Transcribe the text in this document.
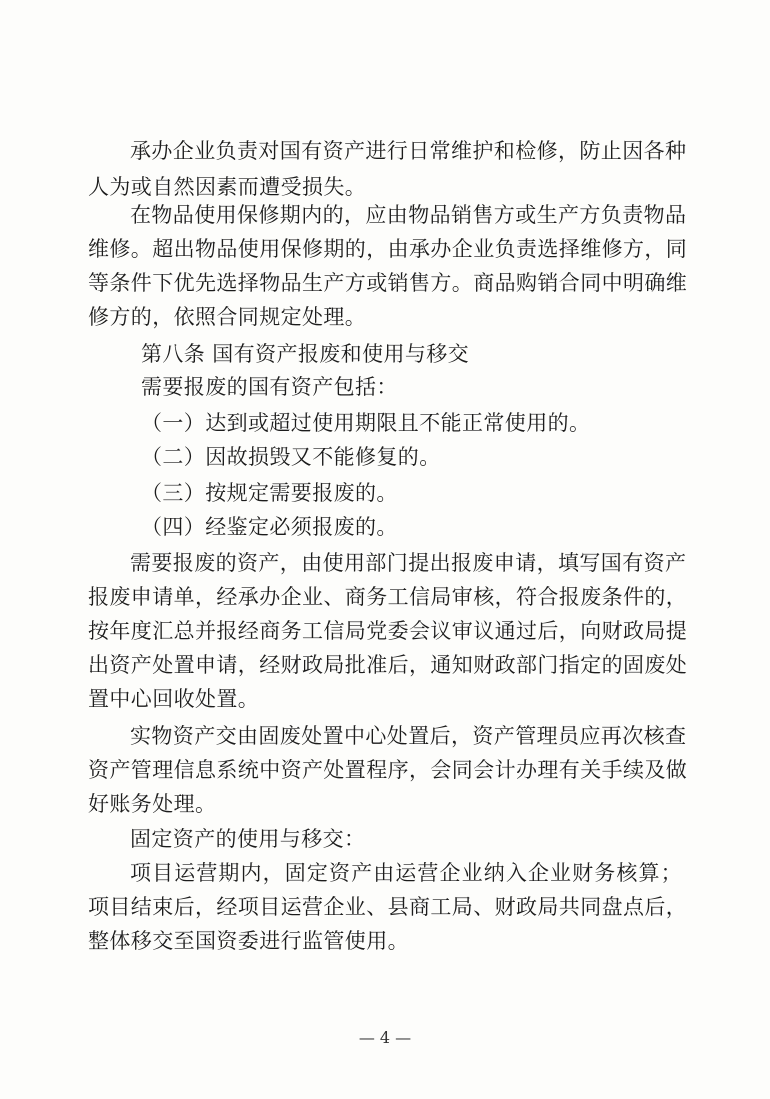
承办企业负责对国有资产进行日常维护和检修，防止因各种
人为或自然因素而遭受损失。
在物品使用保修期内的，应由物品销售方或生产方负责物品
维修。超出物品使用保修期的，由承办企业负责选择维修方，同
等条件下优先选择物品生产方或销售方。商品购销合同中明确维
修方的，依照合同规定处理。
第八条 国有资产报废和使用与移交
需要报废的国有资产包括：
（一）达到或超过使用期限且不能正常使用的。
（二）因故损毁又不能修复的。
（三）按规定需要报废的。
（四）经鉴定必须报废的。
需要报废的资产，由使用部门提出报废申请，填写国有资产
报废申请单，经承办企业、商务工信局审核，符合报废条件的，
按年度汇总并报经商务工信局党委会议审议通过后，向财政局提
出资产处置申请，经财政局批准后，通知财政部门指定的固废处
置中心回收处置。
实物资产交由固废处置中心处置后，资产管理员应再次核查
资产管理信息系统中资产处置程序，会同会计办理有关手续及做
好账务处理。
固定资产的使用与移交：
项目运营期内，固定资产由运营企业纳入企业财务核算；
项目结束后，经项目运营企业、县商工局、财政局共同盘点后，
整体移交至国资委进行监管使用。
— 4 —
